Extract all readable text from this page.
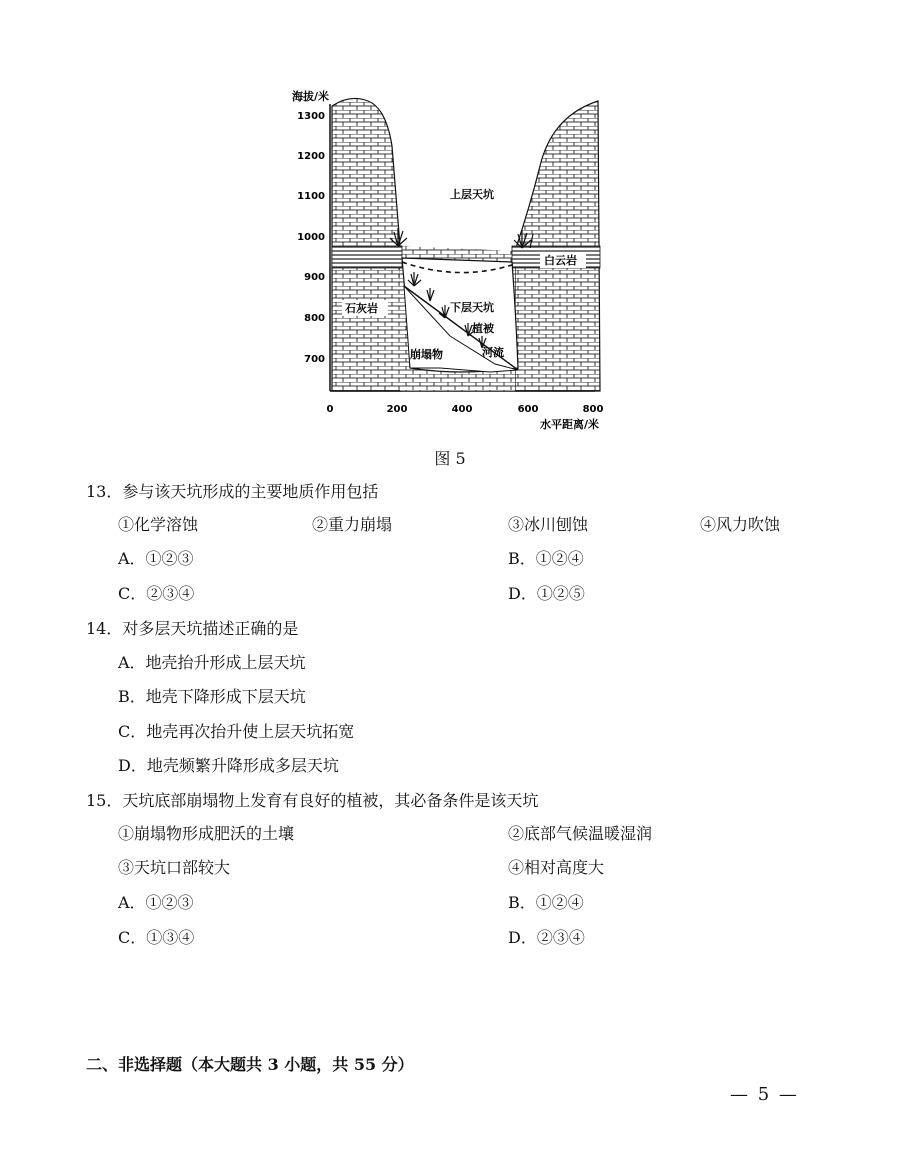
海拔/米
上层天坑
白云岩
石灰岩	下层天坑
植被
崩塌物	河流
1300
1200
1100
1000
900
800
700
0	200	400	600	800
水平距离/米
图 5
13．参与该天坑形成的主要地质作用包括
①化学溶蚀	②重力崩塌	③冰川刨蚀	④风力吹蚀
A．①②③	B．①②④
C．②③④	D．①②⑤
14．对多层天坑描述正确的是
A．地壳抬升形成上层天坑
B．地壳下降形成下层天坑
C．地壳再次抬升使上层天坑拓宽
D．地壳频繁升降形成多层天坑
15．天坑底部崩塌物上发育有良好的植被，其必备条件是该天坑
①崩塌物形成肥沃的土壤	②底部气候温暖湿润
③天坑口部较大	④相对高度大
A．①②③	B．①②④
C．①③④	D．②③④
二、非选择题（本大题共 3 小题，共 55 分）
— 5 —
